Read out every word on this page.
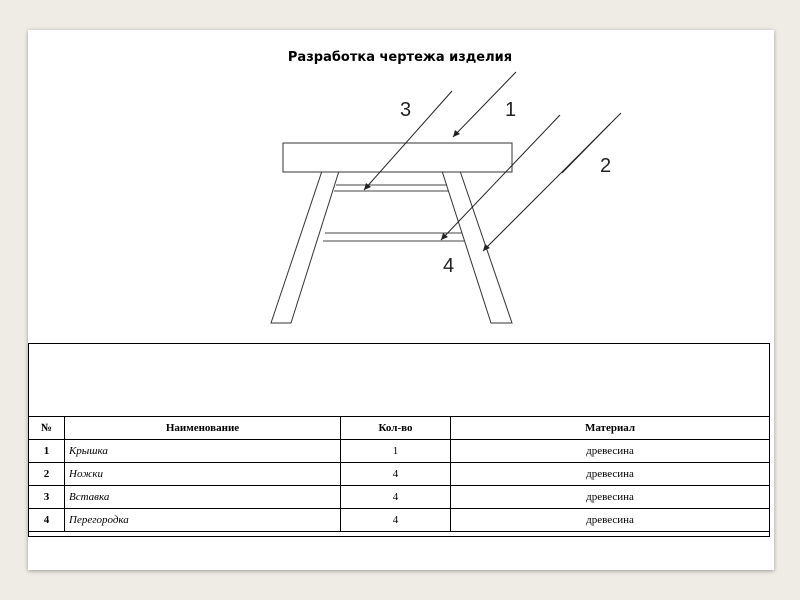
Разработка чертежа изделия
3	1
2
4
№	Наименование	Кол-во	Материал
1	Крышка	1	древесина
2	Ножки	4	древесина
3	Вставка	4	древесина
4	Перегородка	4	древесина
